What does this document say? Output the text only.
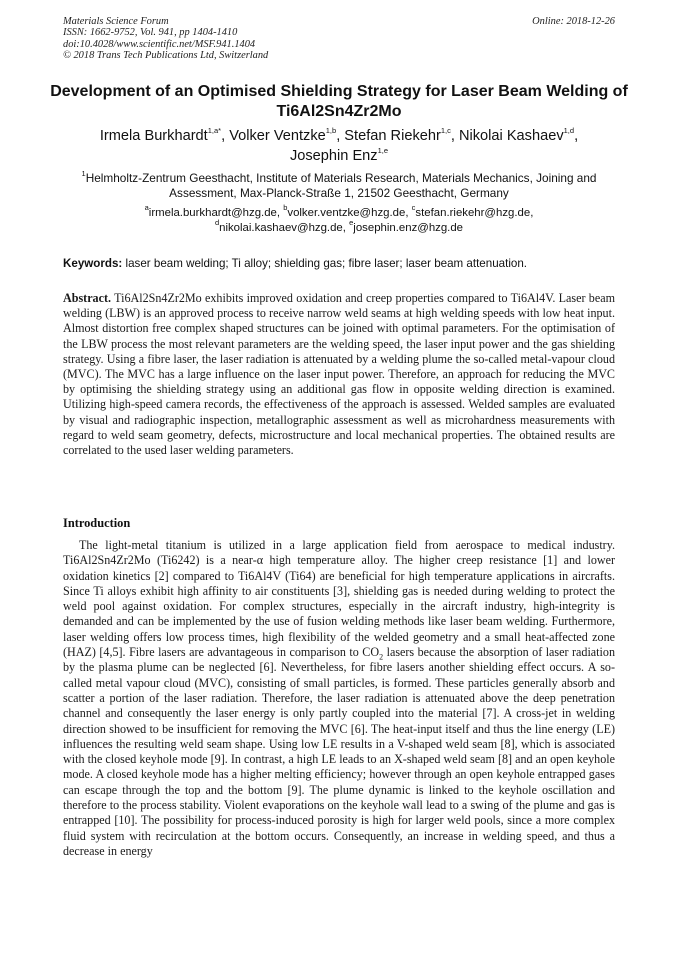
Materials Science Forum
ISSN: 1662-9752, Vol. 941, pp 1404-1410
doi:10.4028/www.scientific.net/MSF.941.1404
© 2018 Trans Tech Publications Ltd, Switzerland
Online: 2018-12-26
Development of an Optimised Shielding Strategy for Laser Beam Welding of Ti6Al2Sn4Zr2Mo
Irmela Burkhardt$^{1,a*}$, Volker Ventzke$^{1,b}$, Stefan Riekehr$^{1,c}$, Nikolai Kashaev$^{1,d}$,
Josephin Enz$^{1,e}$
$^1$Helmholtz-Zentrum Geesthacht, Institute of Materials Research, Materials Mechanics, Joining and Assessment, Max-Planck-Straße 1, 21502 Geesthacht, Germany
$^a$irmela.burkhardt@hzg.de, $^b$volker.ventzke@hzg.de, $^c$stefan.riekehr@hzg.de,
$^d$nikolai.kashaev@hzg.de, $^e$josephin.enz@hzg.de
Keywords: laser beam welding; Ti alloy; shielding gas; fibre laser; laser beam attenuation.
Abstract. Ti6Al2Sn4Zr2Mo exhibits improved oxidation and creep properties compared to Ti6Al4V. Laser beam welding (LBW) is an approved process to receive narrow weld seams at high welding speeds with low heat input. Almost distortion free complex shaped structures can be joined with optimal parameters. For the optimisation of the LBW process the most relevant parameters are the welding speed, the laser input power and the gas shielding strategy. Using a fibre laser, the laser radiation is attenuated by a welding plume the so-called metal-vapour cloud (MVC). The MVC has a large influence on the laser input power. Therefore, an approach for reducing the MVC by optimising the shielding strategy using an additional gas flow in opposite welding direction is examined. Utilizing high-speed camera records, the effectiveness of the approach is assessed. Welded samples are evaluated by visual and radiographic inspection, metallographic assessment as well as microhardness measurements with regard to weld seam geometry, defects, microstructure and local mechanical properties. The obtained results are correlated to the used laser welding parameters.
Introduction
The light-metal titanium is utilized in a large application field from aerospace to medical industry. Ti6Al2Sn4Zr2Mo (Ti6242) is a near-α high temperature alloy. The higher creep resistance [1] and lower oxidation kinetics [2] compared to Ti6Al4V (Ti64) are beneficial for high temperature applications in aircrafts. Since Ti alloys exhibit high affinity to air constituents [3], shielding gas is needed during welding to protect the weld pool against oxidation. For complex structures, especially in the aircraft industry, high-integrity is demanded and can be implemented by the use of fusion welding methods like laser beam welding. Furthermore, laser welding offers low process times, high flexibility of the welded geometry and a small heat-affected zone (HAZ) [4,5]. Fibre lasers are advantageous in comparison to $CO_2$ lasers because the absorption of laser radiation by the plasma plume can be neglected [6]. Nevertheless, for fibre lasers another shielding effect occurs. A so-called metal vapour cloud (MVC), consisting of small particles, is formed. These particles generally absorb and scatter a portion of the laser radiation. Therefore, the laser radiation is attenuated above the deep penetration channel and consequently the laser energy is only partly coupled into the material [7]. A cross-jet in welding direction showed to be insufficient for removing the MVC [6]. The heat-input itself and thus the line energy (LE) influences the resulting weld seam shape. Using low LE results in a V-shaped weld seam [8], which is associated with the closed keyhole mode [9]. In contrast, a high LE leads to an X-shaped weld seam [8] and an open keyhole mode. A closed keyhole mode has a higher melting efficiency; however through an open keyhole entrapped gases can escape through the top and the bottom [9]. The plume dynamic is linked to the keyhole oscillation and therefore to the process stability. Violent evaporations on the keyhole wall lead to a swing of the plume and gas is entrapped [10]. The possibility for process-induced porosity is high for larger weld pools, since a more complex fluid system with recirculation at the bottom occurs. Consequently, an increase in welding speed, and thus a decrease in energy
